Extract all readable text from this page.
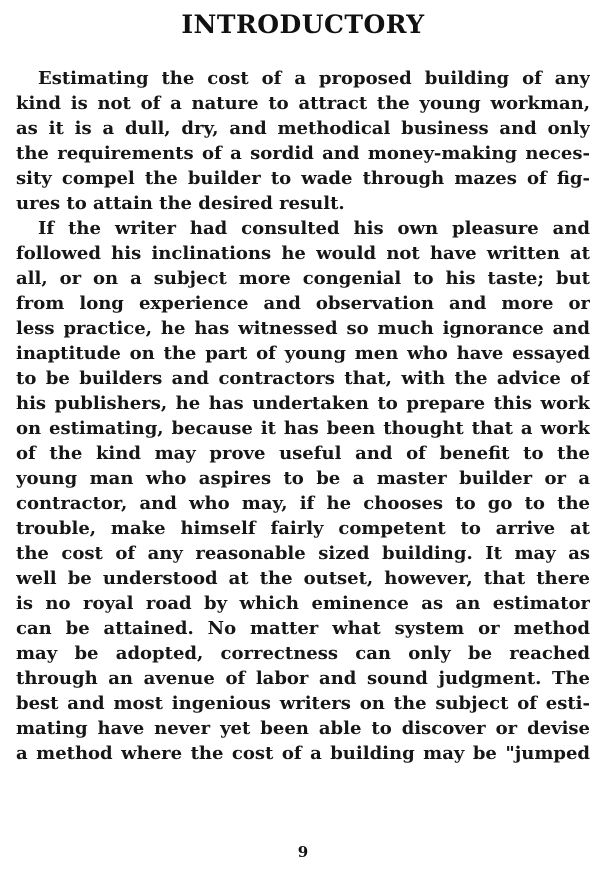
INTRODUCTORY
Estimating the cost of a proposed building of any
kind is not of a nature to attract the young workman,
as it is a dull, dry, and methodical business and only
the requirements of a sordid and money-making neces-
sity compel the builder to wade through mazes of fig-
ures to attain the desired result.
If the writer had consulted his own pleasure and
followed his inclinations he would not have written at
all, or on a subject more congenial to his taste; but
from long experience and observation and more or
less practice, he has witnessed so much ignorance and
inaptitude on the part of young men who have essayed
to be builders and contractors that, with the advice of
his publishers, he has undertaken to prepare this work
on estimating, because it has been thought that a work
of the kind may prove useful and of benefit to the
young man who aspires to be a master builder or a
contractor, and who may, if he chooses to go to the
trouble, make himself fairly competent to arrive at
the cost of any reasonable sized building. It may as
well be understood at the outset, however, that there
is no royal road by which eminence as an estimator
can be attained. No matter what system or method
may be adopted, correctness can only be reached
through an avenue of labor and sound judgment. The
best and most ingenious writers on the subject of esti-
mating have never yet been able to discover or devise
a method where the cost of a building may be "jumped
9
